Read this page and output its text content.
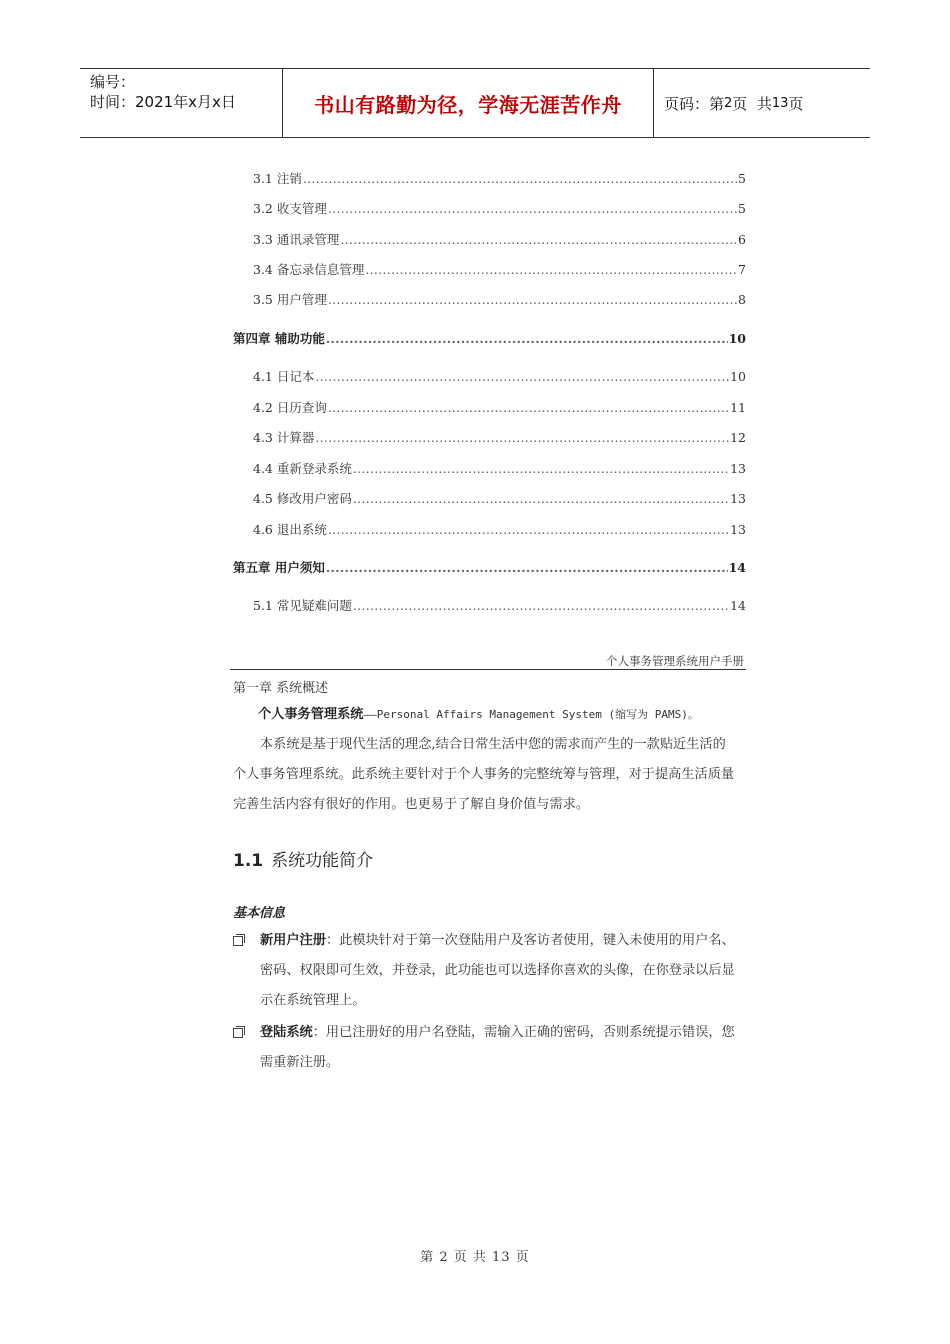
编号：
时间：2021年x月x日	书山有路勤为径，学海无涯苦作舟	页码：第 2 页  共 13 页
3.1 注销 .....	5
3.2 收支管理 .....	5
3.3 通讯录管理 .....	6
3.4 备忘录信息管理 .....	7
3.5 用户管理 .....	8
第四章 辅助功能 .....	10
4.1 日记本 .....	10
4.2 日历查询 .....	11
4.3 计算器 .....	12
4.4 重新登录系统 .....	13
4.5 修改用户密码 .....	13
4.6 退出系统 .....	13
第五章 用户须知 .....	14
5.1 常见疑难问题 .....	14
个人事务管理系统用户手册
第一章 系统概述
个人事务管理系统——Personal Affairs Management System (缩写为 PAMS)。
本系统是基于现代生活的理念,结合日常生活中您的需求而产生的一款贴近生活的
个人事务管理系统。此系统主要针对于个人事务的完整统筹与管理，对于提高生活质量
完善生活内容有很好的作用。也更易于了解自身价值与需求。
1.1 系统功能简介
基本信息
新用户注册：此模块针对于第一次登陆用户及客访者使用，键入未使用的用户名、
密码、权限即可生效，并登录，此功能也可以选择你喜欢的头像，在你登录以后显
示在系统管理上。
登陆系统：用已注册好的用户名登陆，需输入正确的密码，否则系统提示错误，您
需重新注册。
第 2 页 共 13 页
